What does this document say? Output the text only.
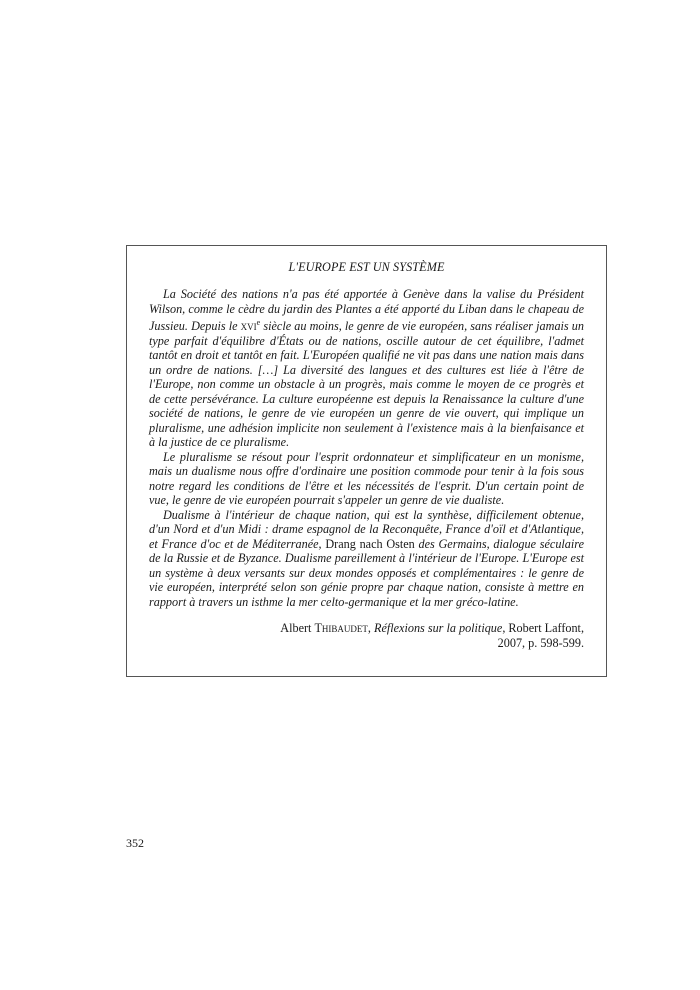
L'EUROPE EST UN SYSTÈME

La Société des nations n'a pas été apportée à Genève dans la valise du Président Wilson, comme le cèdre du jardin des Plantes a été apporté du Liban dans le chapeau de Jussieu. Depuis le xvi$^e$ siècle au moins, le genre de vie européen, sans réaliser jamais un type parfait d'équilibre d'États ou de nations, oscille autour de cet équilibre, l'admet tantôt en droit et tantôt en fait. L'Européen qualifié ne vit pas dans une nation mais dans un ordre de nations. […] La diversité des langues et des cultures est liée à l'être de l'Europe, non comme un obstacle à un progrès, mais comme le moyen de ce progrès et de cette persévérance. La culture européenne est depuis la Renaissance la culture d'une société de nations, le genre de vie européen un genre de vie ouvert, qui implique un pluralisme, une adhésion implicite non seulement à l'existence mais à la bienfaisance et à la justice de ce pluralisme.

Le pluralisme se résout pour l'esprit ordonnateur et simplificateur en un monisme, mais un dualisme nous offre d'ordinaire une position commode pour tenir à la fois sous notre regard les conditions de l'être et les nécessités de l'esprit. D'un certain point de vue, le genre de vie européen pourrait s'appeler un genre de vie dualiste.

Dualisme à l'intérieur de chaque nation, qui est la synthèse, difficilement obtenue, d'un Nord et d'un Midi : drame espagnol de la Reconquête, France d'oïl et d'Atlantique, et France d'oc et de Méditerranée, Drang nach Osten des Germains, dialogue séculaire de la Russie et de Byzance. Dualisme pareillement à l'intérieur de l'Europe. L'Europe est un système à deux versants sur deux mondes opposés et complémentaires : le genre de vie européen, interprété selon son génie propre par chaque nation, consiste à mettre en rapport à travers un isthme la mer celto-germanique et la mer gréco-latine.

Albert Thibaudet, Réflexions sur la politique, Robert Laffont,
2007, p. 598-599.

352
